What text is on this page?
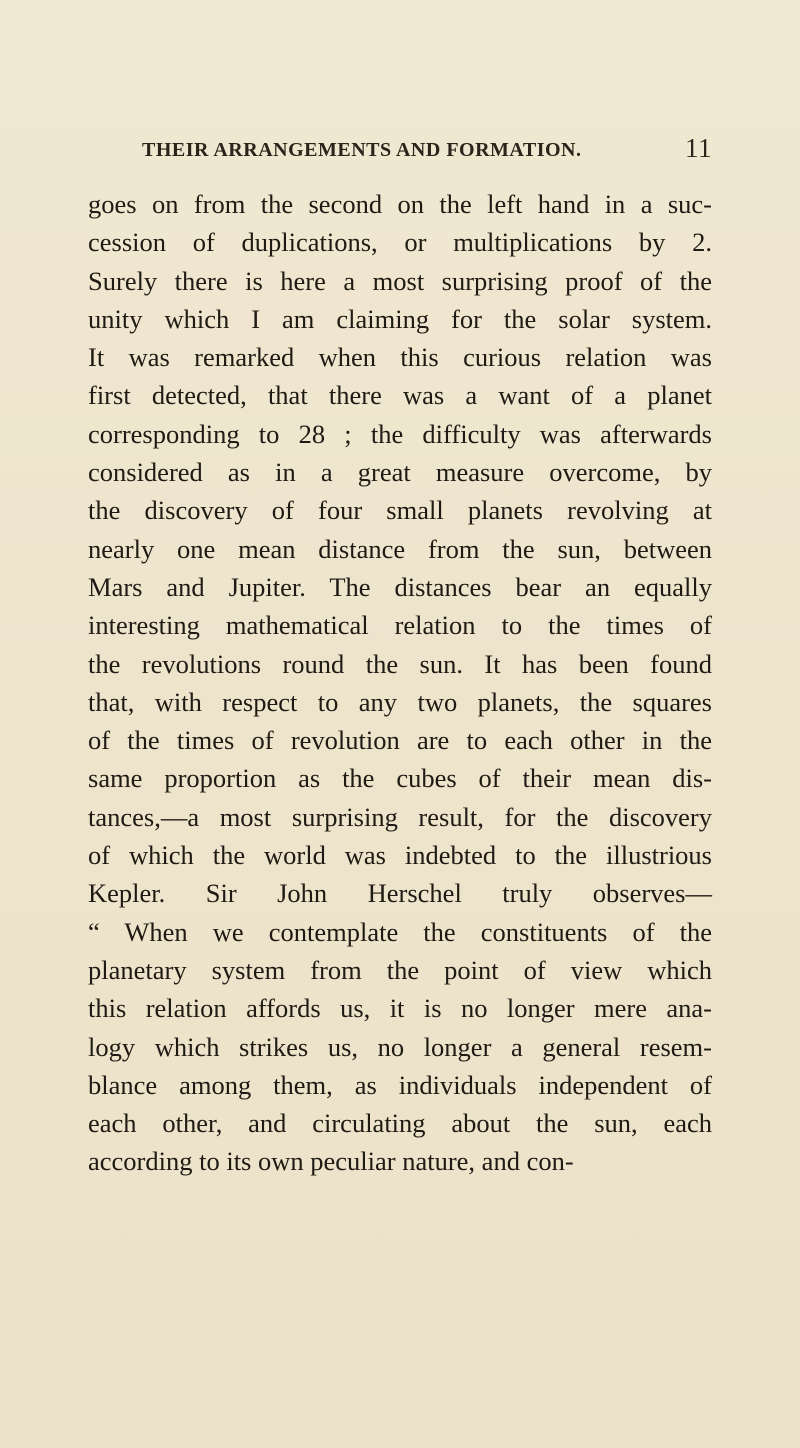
THEIR ARRANGEMENTS AND FORMATION.	11
goes on from the second on the left hand in a suc-
cession of duplications, or multiplications by 2.
Surely there is here a most surprising proof of the
unity which I am claiming for the solar system.
It was remarked when this curious relation was
first detected, that there was a want of a planet
corresponding to 28 ; the difficulty was afterwards
considered as in a great measure overcome, by
the discovery of four small planets revolving at
nearly one mean distance from the sun, between
Mars and Jupiter. The distances bear an equally
interesting mathematical relation to the times of
the revolutions round the sun. It has been found
that, with respect to any two planets, the squares
of the times of revolution are to each other in the
same proportion as the cubes of their mean dis-
tances,—a most surprising result, for the discovery
of which the world was indebted to the illustrious
Kepler. Sir John Herschel truly observes—
“ When we contemplate the constituents of the
planetary system from the point of view which
this relation affords us, it is no longer mere ana-
logy which strikes us, no longer a general resem-
blance among them, as individuals independent of
each other, and circulating about the sun, each
according to its own peculiar nature, and con-
